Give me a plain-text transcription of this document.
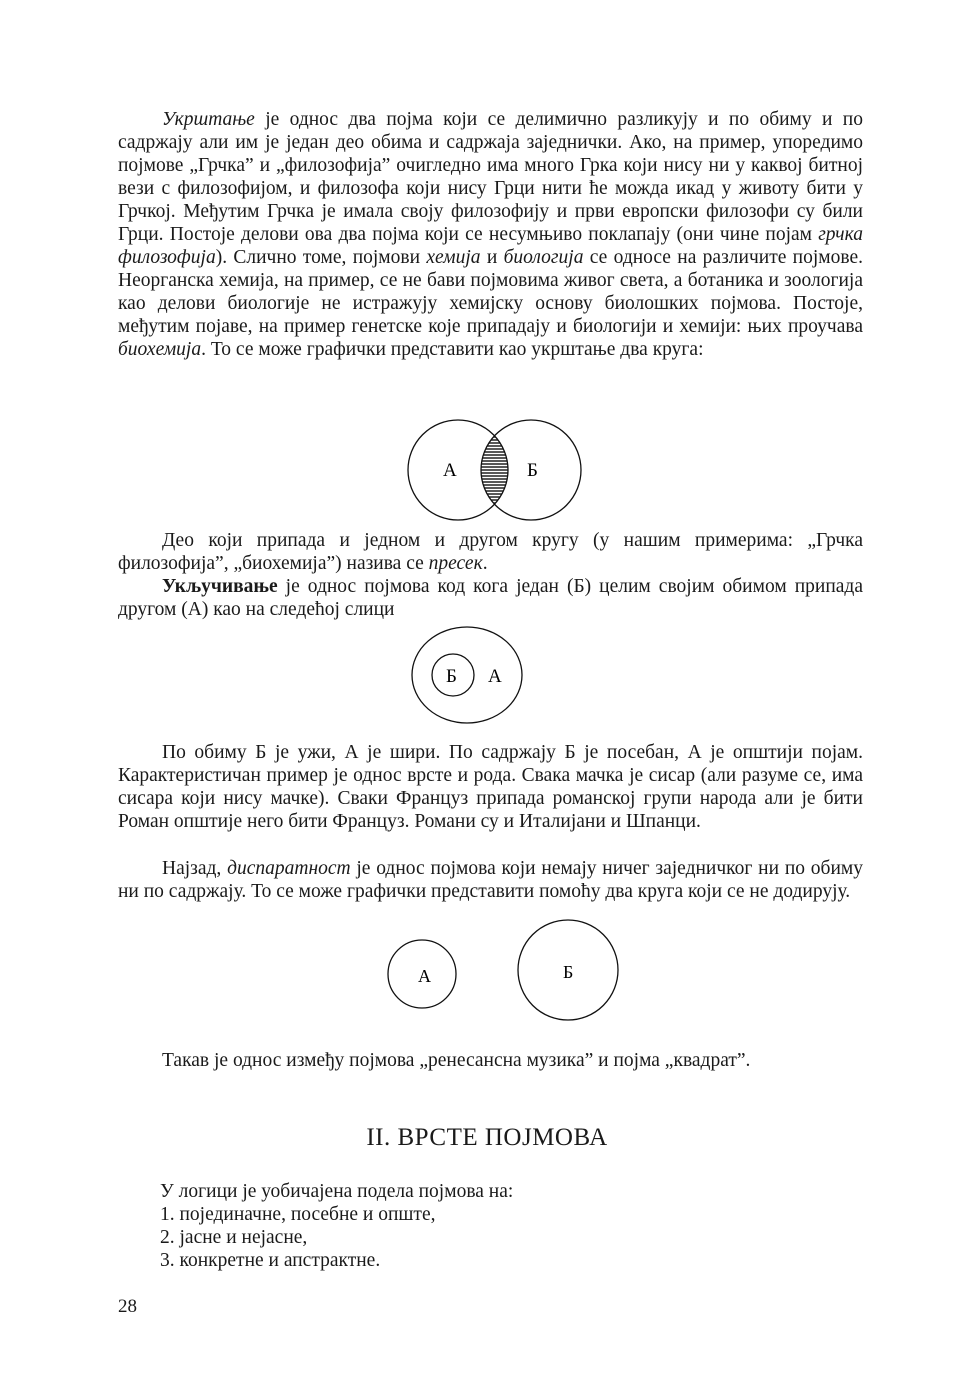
Укрштање је однос два појма који се делимично разликују и по обиму и по садржају али им је један део обима и садржаја заједнички. Ако, на пример, упоредимо појмове „Грчка” и „филозофија” очигледно има много Грка који нису ни у каквој битној вези с филозофијом, и филозофа који нису Грци нити ће можда икад у животу бити у Грчкој. Међутим Грчка је имала своју филозофију и први европски филозофи су били Грци. Постоје делови ова два појма који се несумњиво поклапају (они чине појам грчка филозофија). Слично томе, појмови хемија и биологија се односе на различите појмове. Неорганска хемија, на пример, се не бави појмовима живог света, а ботаника и зоологија као делови биологије не истражују хемијску основу биолошких појмова. Постоје, међутим појаве, на пример генетске које припадају и биологији и хемији: њих проучава биохемија. То се може графички представити као укрштање два круга:

А	Б

Део који припада и једном и другом кругу (у нашим примерима: „Грчка филозофија”, „биохемија”) назива се пресек.

Укључивање је однос појмова код кога један (Б) целим својим обимом припада другом (А) као на следећој слици

Б А

По обиму Б је ужи, А је шири. По садржају Б је посебан, А је општији појам. Карактеристичан пример је однос врсте и рода. Свака мачка је сисар (али разуме се, има сисара који нису мачке). Сваки Француз припада романској групи народа али је бити Роман општије него бити Француз. Романи су и Италијани и Шпанци.

Најзад, диспаратност је однос појмова који немају ничег заједничког ни по обиму ни по садржају. То се може графички представити помоћу два круга који се не додирују.

А	Б

Такав је однос између појмова „ренесансна музика” и појма „квадрат”.

II. ВРСТЕ ПОЈМОВА
У логици је уобичајена подела појмова на:
1. појединачне, посебне и опште,
2. јасне и нејасне,
3. конкретне и апстрактне.
28
